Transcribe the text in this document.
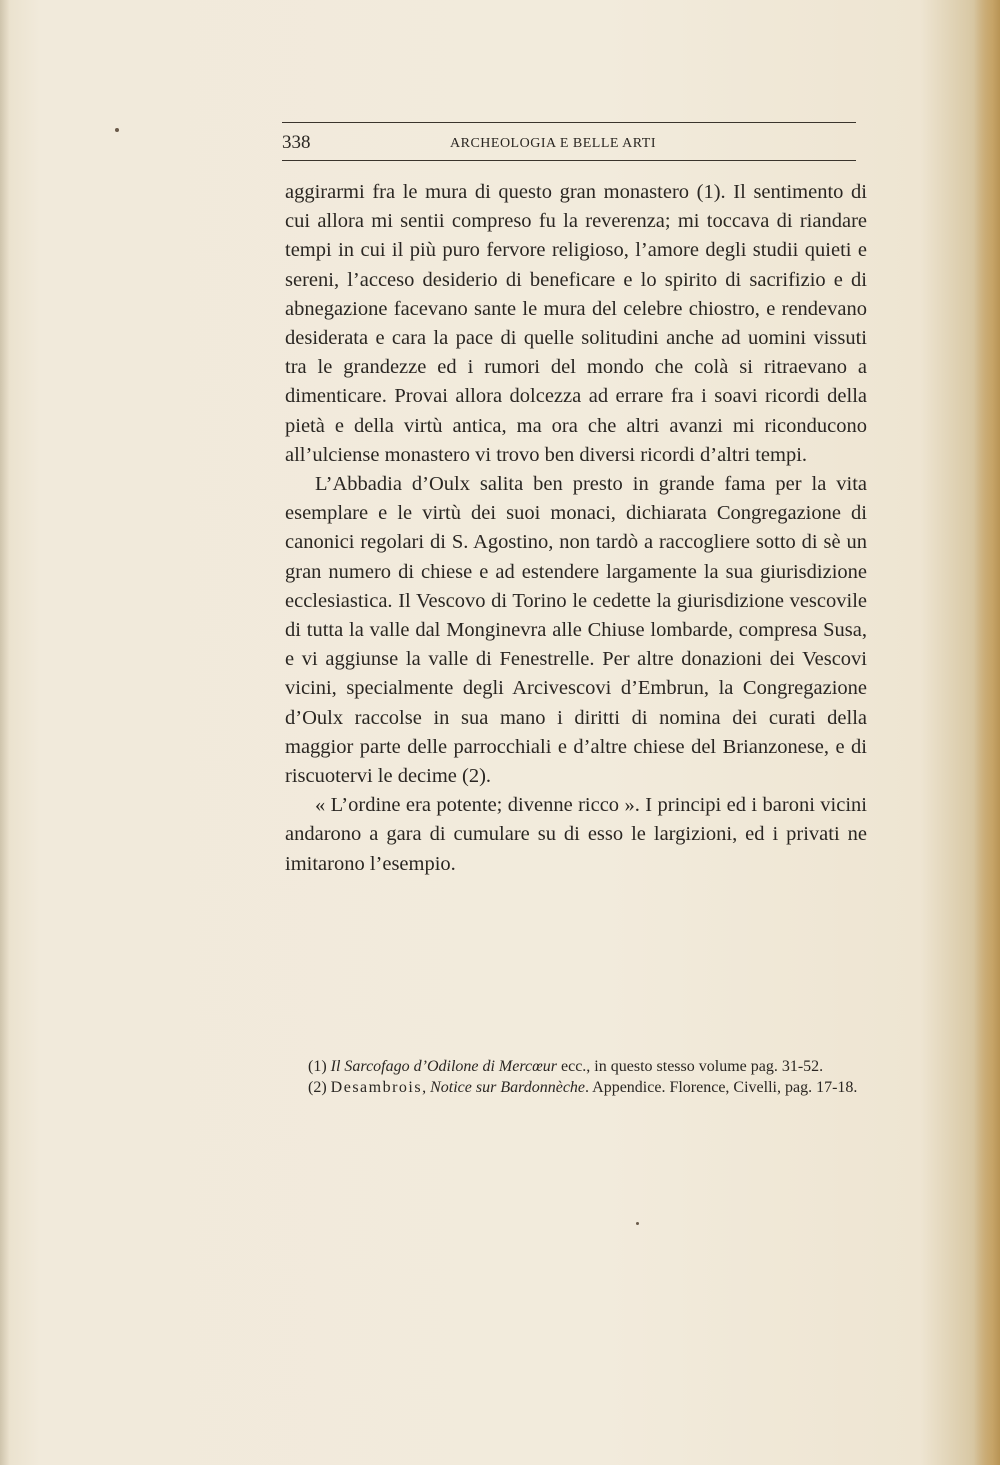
338	ARCHEOLOGIA E BELLE ARTI

aggirarmi fra le mura di questo gran monastero (1). Il sentimento di cui allora mi sentii compreso fu la reverenza; mi toccava di riandare tempi in cui il più puro fervore religioso, l’amore degli studii quieti e sereni, l’acceso desiderio di beneficare e lo spirito di sacrifizio e di abnegazione facevano sante le mura del celebre chiostro, e rendevano desiderata e cara la pace di quelle solitudini anche ad uomini vissuti tra le grandezze ed i rumori del mondo che colà si ritraevano a dimenticare. Provai allora dolcezza ad errare fra i soavi ricordi della pietà e della virtù antica, ma ora che altri avanzi mi riconducono all’ulciense monastero vi trovo ben diversi ricordi d’altri tempi.

L’Abbadia d’Oulx salita ben presto in grande fama per la vita esemplare e le virtù dei suoi monaci, dichiarata Congregazione di canonici regolari di S. Agostino, non tardò a raccogliere sotto di sè un gran numero di chiese e ad estendere largamente la sua giurisdizione ecclesiastica. Il Vescovo di Torino le cedette la giurisdizione vescovile di tutta la valle dal Monginevra alle Chiuse lombarde, compresa Susa, e vi aggiunse la valle di Fenestrelle. Per altre donazioni dei Vescovi vicini, specialmente degli Arcivescovi d’Embrun, la Congregazione d’Oulx raccolse in sua mano i diritti di nomina dei curati della maggior parte delle parrocchiali e d’altre chiese del Brianzonese, e di riscuotervi le decime (2).

« L’ordine era potente; divenne ricco ». I principi ed i baroni vicini andarono a gara di cumulare su di esso le largizioni, ed i privati ne imitarono l’esempio.

(1) Il Sarcofago d’Odilone di Mercœur ecc., in questo stesso volume pag. 31-52.

(2) Desambrois, Notice sur Bardonnèche. Appendice. Florence, Civelli, pag. 17-18.
